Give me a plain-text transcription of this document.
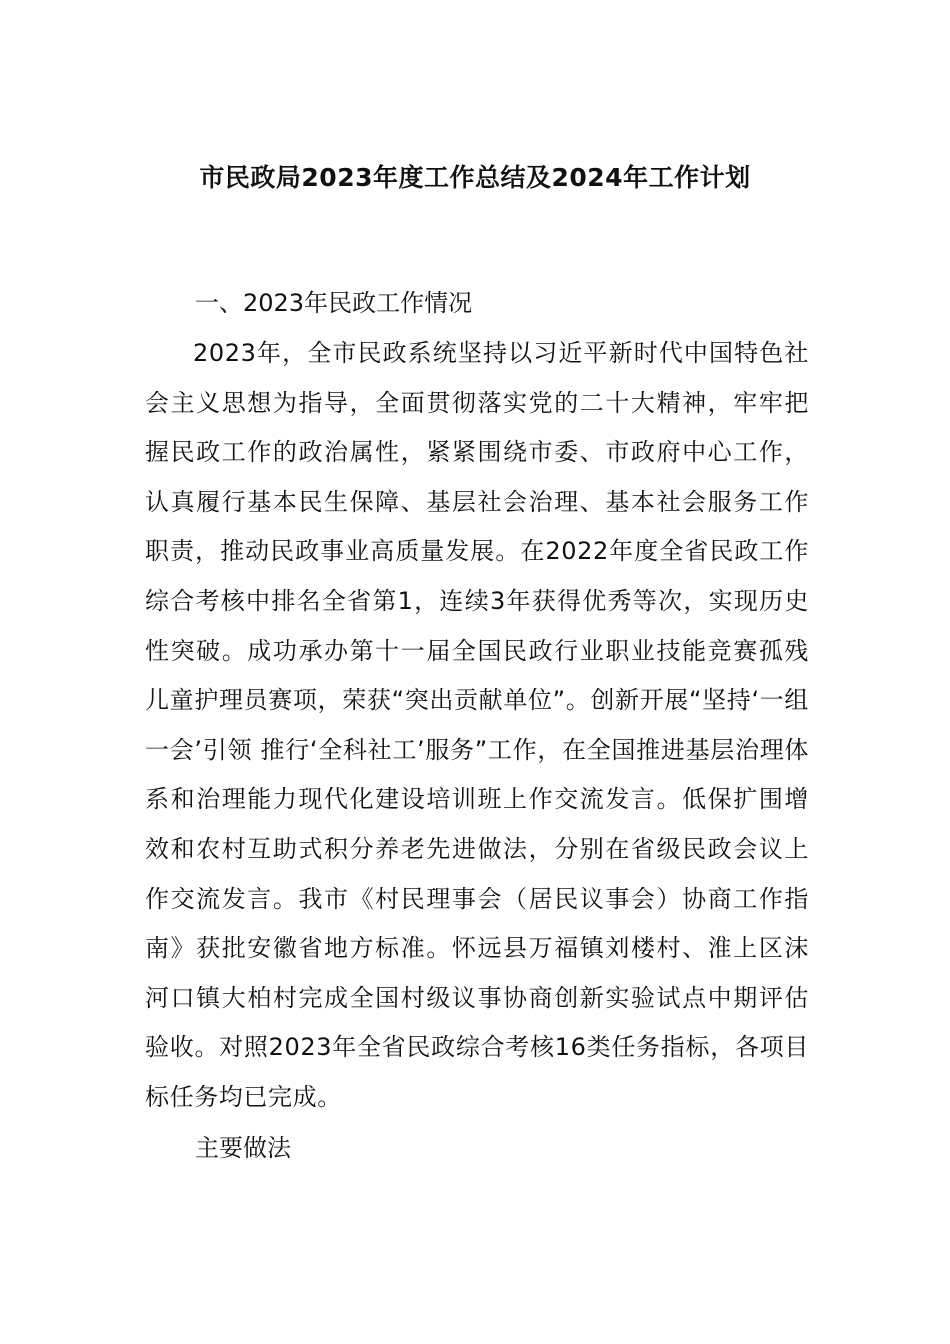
市民政局2023年度工作总结及2024年工作计划
一、2023年民政工作情况
2023年，全市民政系统坚持以习近平新时代中国特色社会主义思想为指导，全面贯彻落实党的二十大精神，牢牢把握民政工作的政治属性，紧紧围绕市委、市政府中心工作，认真履行基本民生保障、基层社会治理、基本社会服务工作职责，推动民政事业高质量发展。在2022年度全省民政工作综合考核中排名全省第1，连续3年获得优秀等次，实现历史性突破。成功承办第十一届全国民政行业职业技能竞赛孤残儿童护理员赛项，荣获“突出贡献单位”。创新开展“坚持‘一组一会’引领 推行‘全科社工’服务”工作，在全国推进基层治理体系和治理能力现代化建设培训班上作交流发言。低保扩围增效和农村互助式积分养老先进做法，分别在省级民政会议上作交流发言。我市《村民理事会（居民议事会）协商工作指南》获批安徽省地方标准。怀远县万福镇刘楼村、淮上区沫河口镇大柏村完成全国村级议事协商创新实验试点中期评估验收。对照2023年全省民政综合考核16类任务指标，各项目标任务均已完成。
主要做法
